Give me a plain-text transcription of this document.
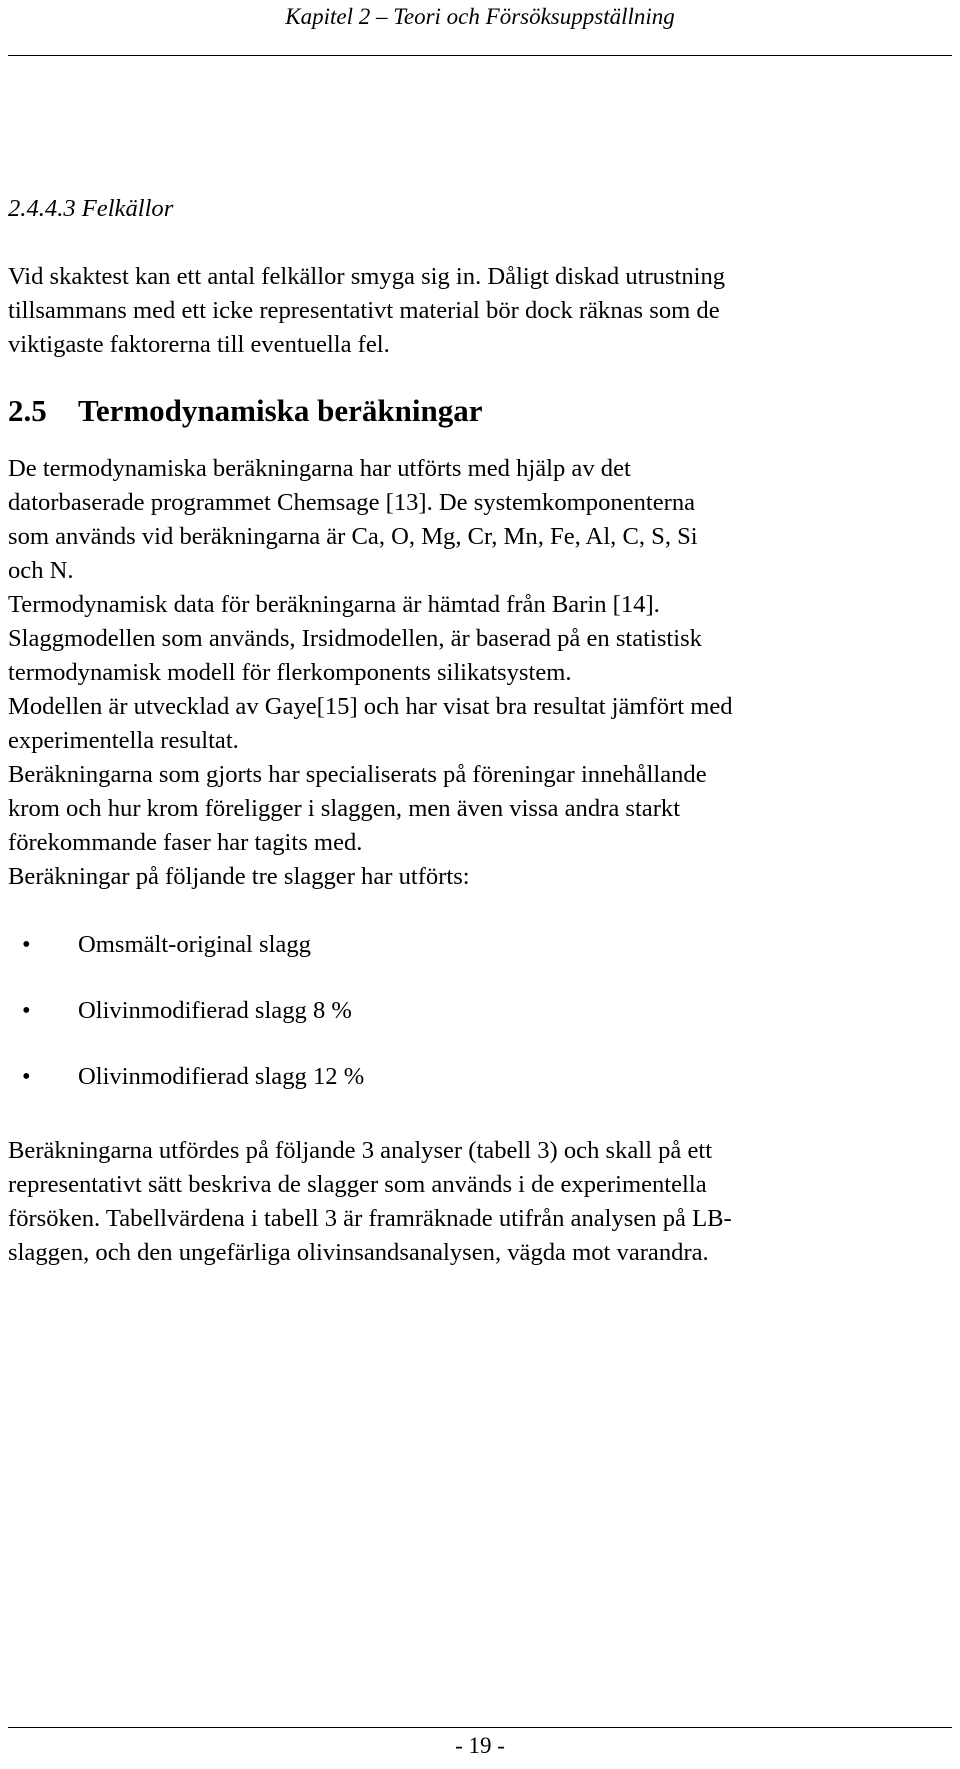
Kapitel 2 – Teori och Försöksuppställning
2.4.4.3 Felkällor
Vid skaktest kan ett antal felkällor smyga sig in. Dåligt diskad utrustning
tillsammans med ett icke representativt material bör dock räknas som de
viktigaste faktorerna till eventuella fel.
2.5 Termodynamiska beräkningar
De termodynamiska beräkningarna har utförts med hjälp av det
datorbaserade programmet Chemsage [13]. De systemkomponenterna
som används vid beräkningarna är Ca, O, Mg, Cr, Mn, Fe, Al, C, S, Si
och N.
Termodynamisk data för beräkningarna är hämtad från Barin [14].
Slaggmodellen som används, Irsidmodellen, är baserad på en statistisk
termodynamisk modell för flerkomponents silikatsystem.
Modellen är utvecklad av Gaye[15] och har visat bra resultat jämfört med
experimentella resultat.
Beräkningarna som gjorts har specialiserats på föreningar innehållande
krom och hur krom föreligger i slaggen, men även vissa andra starkt
förekommande faser har tagits med.
Beräkningar på följande tre slagger har utförts:
•	Omsmält-original slagg
•	Olivinmodifierad slagg 8 %
•	Olivinmodifierad slagg 12 %
Beräkningarna utfördes på följande 3 analyser (tabell 3) och skall på ett
representativt sätt beskriva de slagger som används i de experimentella
försöken. Tabellvärdena i tabell 3 är framräknade utifrån analysen på LB-
slaggen, och den ungefärliga olivinsandsanalysen, vägda mot varandra.
- 19 -
